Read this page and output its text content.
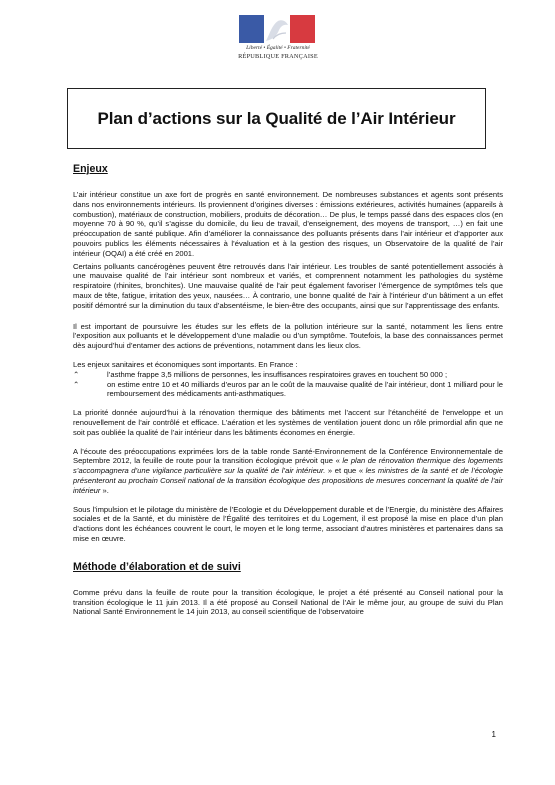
Liberté • Égalité • Fraternité
RÉPUBLIQUE FRANÇAISE
Plan d’actions sur la Qualité de l’Air Intérieur
Enjeux

L’air intérieur constitue un axe fort de progrès en santé environnement. De nombreuses substances et agents sont présents dans nos environnements intérieurs. Ils proviennent d’origines diverses : émissions extérieures, activités humaines (appareils à combustion), matériaux de construction, mobiliers, produits de décoration… De plus, le temps passé dans des espaces clos (en moyenne 70 à 90 %, qu’il s’agisse du domicile, du lieu de travail, d’enseignement, des moyens de transport, …) en fait une préoccupation de santé publique. Afin d’améliorer la connaissance des polluants présents dans l’air intérieur et d’apporter aux pouvoirs publics les éléments nécessaires à l’évaluation et à la gestion des risques, un Observatoire de la qualité de l’air intérieur (OQAI) a été créé en 2001.

Certains polluants cancérogènes peuvent être retrouvés dans l’air intérieur. Les troubles de santé potentiellement associés à une mauvaise qualité de l’air intérieur sont nombreux et variés, et comprennent notamment les pathologies du système respiratoire (rhinites, bronchites). Une mauvaise qualité de l’air peut également favoriser l’émergence de symptômes tels que maux de tête, fatigue, irritation des yeux, nausées… À contrario, une bonne qualité de l’air à l’intérieur d’un bâtiment a un effet positif démontré sur la diminution du taux d’absentéisme, le bien-être des occupants, ainsi que sur l’apprentissage des enfants.

Il est important de poursuivre les études sur les effets de la pollution intérieure sur la santé, notamment les liens entre l’exposition aux polluants et le développement d’une maladie ou d’un symptôme. Toutefois, la base des connaissances permet dès aujourd’hui d’entamer des actions de préventions, notamment dans les lieux clos.

Les enjeux sanitaires et économiques sont importants. En France :

⌃	l’asthme frappe 3,5 millions de personnes, les insuffisances respiratoires graves en touchent 50 000 ;
⌃	on estime entre 10 et 40 milliards d’euros par an le coût de la mauvaise qualité de l’air intérieur, dont 1 milliard pour le remboursement des médicaments anti-asthmatiques.

La priorité donnée aujourd’hui à la rénovation thermique des bâtiments met l’accent sur l’étanchéité de l’enveloppe et un renouvellement de l’air contrôlé et efficace. L’aération et les systèmes de ventilation jouent donc un rôle primordial afin que ne soit pas oubliée la qualité de l’air intérieur dans les bâtiments économes en énergie.

A l’écoute des préoccupations exprimées lors de la table ronde Santé-Environnement de la Conférence Environnementale de Septembre 2012, la feuille de route pour la transition écologique prévoit que « le plan de rénovation thermique des logements s’accompagnera d’une vigilance particulière sur la qualité de l’air intérieur. » et que « les ministres de la santé et de l’écologie présenteront au prochain Conseil national de la transition écologique des propositions de mesures concernant la qualité de l’air intérieur ».

Sous l’impulsion et le pilotage du ministère de l’Ecologie et du Développement durable et de l’Energie, du ministère des Affaires sociales et de la Santé, et du ministère de l’Égalité des territoires et du Logement, il est proposé la mise en place d’un plan d’actions dont les échéances couvrent le court, le moyen et le long terme, associant d’autres ministères et partenaires dans sa mise en œuvre.

Méthode d’élaboration et de suivi

Comme prévu dans la feuille de route pour la transition écologique, le projet a été présenté au Conseil national pour la transition écologique le 11 juin 2013. Il a été proposé au Conseil National de l’Air le même jour, au groupe de suivi du Plan National Santé Environnement le 14 juin 2013, au conseil scientifique de l’observatoire

1
